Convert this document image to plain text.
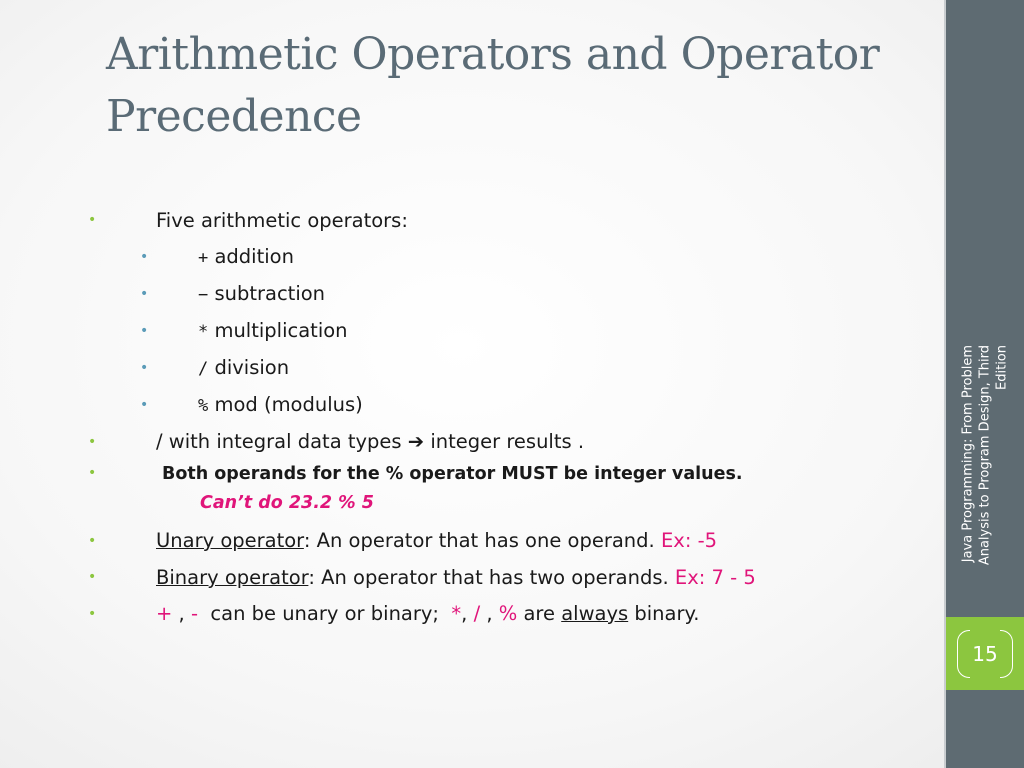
Java Programming: From Problem Analysis to Program Design, Third Edition
15
Arithmetic Operators and Operator Precedence
•	Five arithmetic operators:
•	+ addition
•	− subtraction
•	* multiplication
•	/ division
•	% mod (modulus)
•	/ with integral data types ➔ integer results .
•	Both operands for the % operator MUST be integer values.
Can’t do 23.2 % 5
•	Unary operator: An operator that has one operand. Ex: -5
•	Binary operator: An operator that has two operands. Ex: 7 - 5
•	+ , -  can be unary or binary;  *, / , % are always binary.
